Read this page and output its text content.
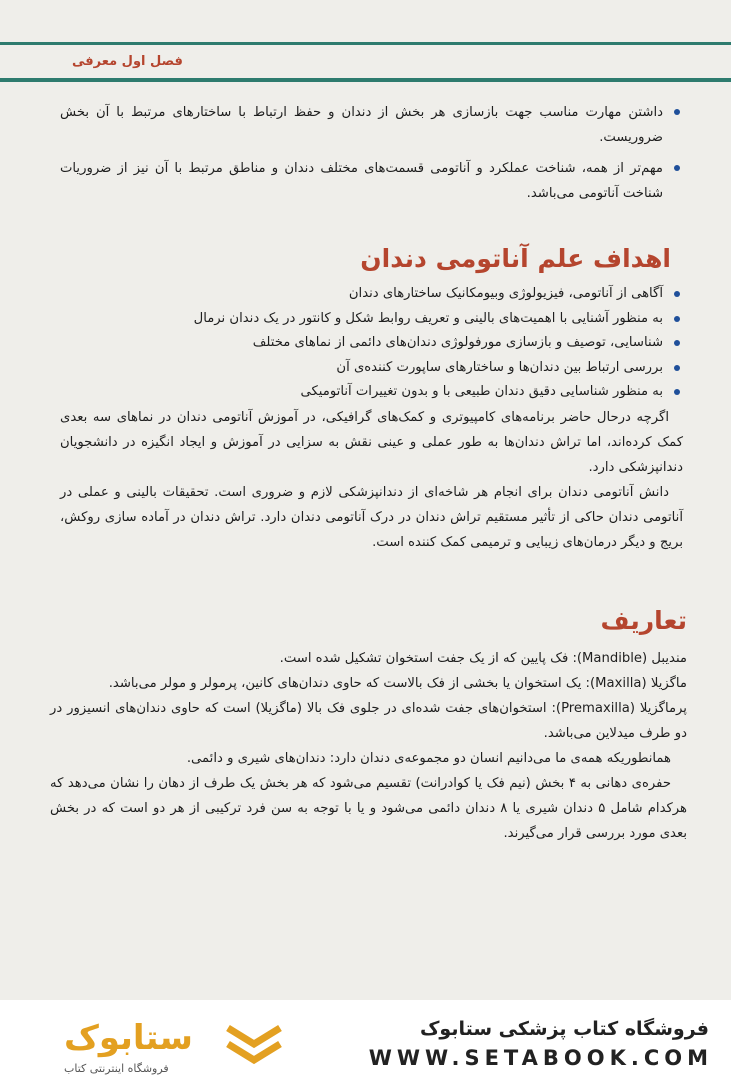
فصل اول معرفی
داشتن مهارت مناسب جهت بازسازی هر بخش از دندان و حفظ ارتباط با ساختارهای مرتبط با آن بخش ضروریست.
مهم‌تر از همه، شناخت عملکرد و آناتومی قسمت‌های مختلف دندان و مناطق مرتبط با آن نیز از ضروریات شناخت آناتومی می‌باشد.
اهداف علم آناتومی دندان
آگاهی از آناتومی، فیزیولوژی وبیومکانیک ساختارهای دندان
به منظور آشنایی با اهمیت‌های بالینی و تعریف روابط شکل و کانتور در یک دندان نرمال
شناسایی، توصیف و بازسازی مورفولوژی دندان‌های دائمی از نماهای مختلف
بررسی ارتباط بین دندان‌ها و ساختارهای ساپورت کننده‌ی آن
به منظور شناسایی دقیق دندان طبیعی با و بدون تغییرات آناتومیکی

اگرچه درحال حاضر برنامه‌های کامپیوتری و کمک‌های گرافیکی، در آموزش آناتومی دندان در نماهای سه بعدی کمک کرده‌اند، اما تراش دندان‌ها به طور عملی و عینی نقش به سزایی در آموزش و ایجاد انگیزه در دانشجویان دندانپزشکی دارد.

دانش آناتومی دندان برای انجام هر شاخه‌ای از دندانپزشکی لازم و ضروری است. تحقیقات بالینی و عملی در آناتومی دندان حاکی از تأثیر مستقیم تراش دندان در درک آناتومی دندان دارد. تراش دندان در آماده سازی روکش، بریج و دیگر درمان‌های زیبایی و ترمیمی کمک کننده است.

تعاریف

مندیبل (Mandible): فک پایین که از یک جفت استخوان تشکیل شده است.

ماگزیلا (Maxilla): یک استخوان یا بخشی از فک بالاست که حاوی دندان‌های کانین، پرمولر و مولر می‌باشد.

پرماگزیلا (Premaxilla): استخوان‌های جفت شده‌ای در جلوی فک بالا (ماگزیلا) است که حاوی دندان‌های انسیزور در دو طرف میدلاین می‌باشد.

همانطوریکه همه‌ی ما می‌دانیم انسان دو مجموعه‌ی دندان دارد: دندان‌های شیری و دائمی.

حفره‌ی دهانی به ۴ بخش (نیم فک یا کوادرانت) تقسیم می‌شود که هر بخش یک طرف از دهان را نشان می‌دهد که هرکدام شامل ۵ دندان شیری یا ۸ دندان دائمی می‌شود و یا با توجه به سن فرد ترکیبی از هر دو است که در بخش بعدی مورد بررسی قرار می‌گیرند.

ستابوک
فروشگاه اینترنتی کتاب
فروشگاه کتاب پزشکی ستابوک
WWW.SETABOOK.COM
